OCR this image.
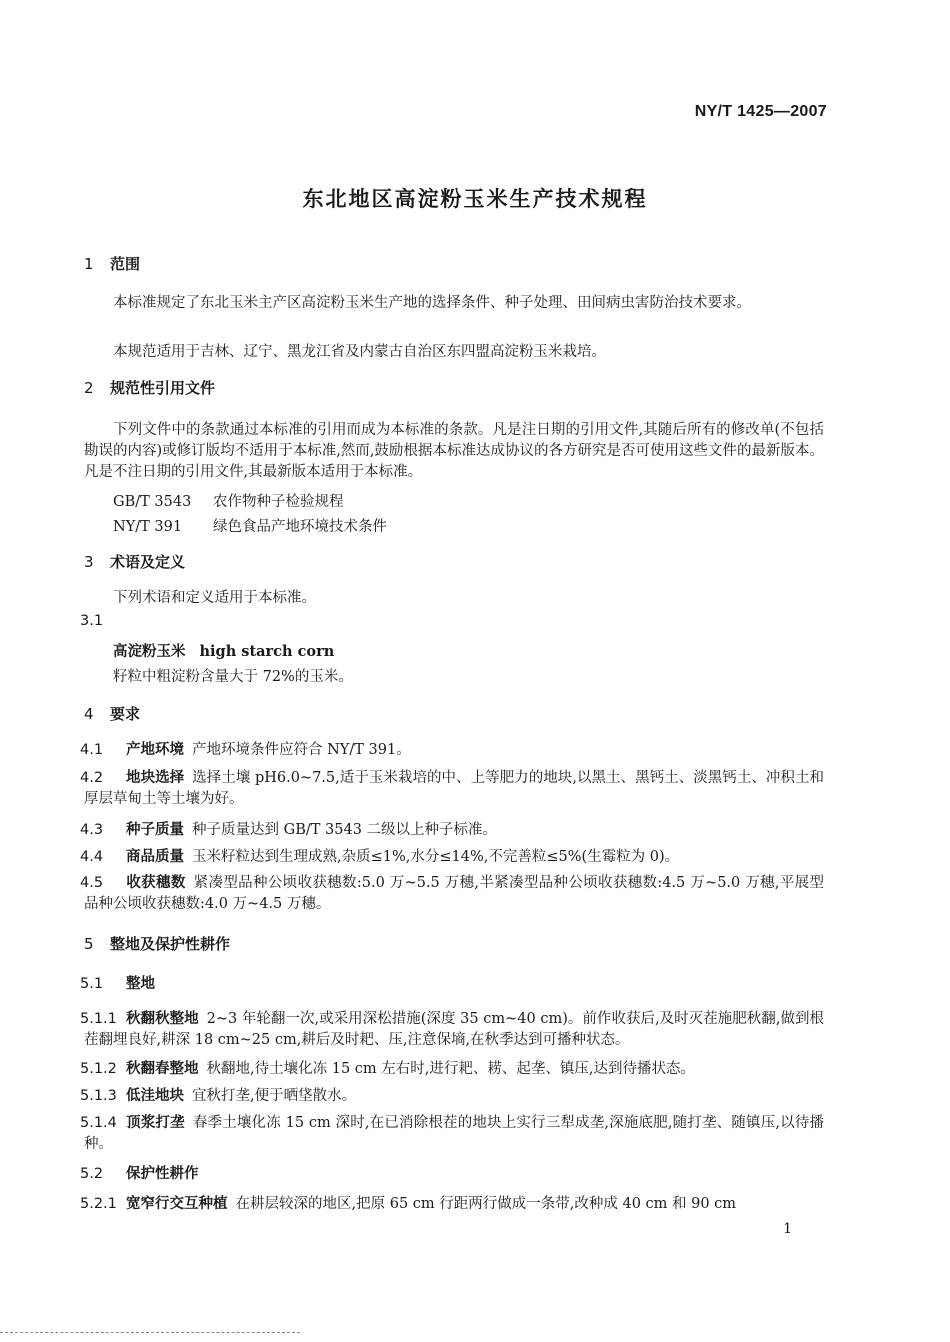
NY/T 1425—2007
东北地区高淀粉玉米生产技术规程
1 范围
本标准规定了东北玉米主产区高淀粉玉米生产地的选择条件、种子处理、田间病虫害防治技术要求。
本规范适用于吉林、辽宁、黑龙江省及内蒙古自治区东四盟高淀粉玉米栽培。
2 规范性引用文件
下列文件中的条款通过本标准的引用而成为本标准的条款。凡是注日期的引用文件,其随后所有的修改单(不包括勘误的内容)或修订版均不适用于本标准,然而,鼓励根据本标准达成协议的各方研究是否可使用这些文件的最新版本。凡是不注日期的引用文件,其最新版本适用于本标准。
GB/T 3543 农作物种子检验规程
NY/T 391 绿色食品产地环境技术条件
3 术语及定义
下列术语和定义适用于本标准。
3.1
高淀粉玉米 high starch corn
籽粒中粗淀粉含量大于 72%的玉米。
4 要求
4.1 产地环境 产地环境条件应符合 NY/T 391。
4.2 地块选择 选择土壤 pH6.0~7.5,适于玉米栽培的中、上等肥力的地块,以黑土、黑钙土、淡黑钙土、冲积土和厚层草甸土等土壤为好。
4.3 种子质量 种子质量达到 GB/T 3543 二级以上种子标准。
4.4 商品质量 玉米籽粒达到生理成熟,杂质≤1%,水分≤14%,不完善粒≤5%(生霉粒为 0)。
4.5 收获穗数 紧凑型品种公顷收获穗数:5.0 万~5.5 万穗,半紧凑型品种公顷收获穗数:4.5 万~5.0 万穗,平展型品种公顷收获穗数:4.0 万~4.5 万穗。
5 整地及保护性耕作
5.1 整地
5.1.1 秋翻秋整地 2~3 年轮翻一次,或采用深松措施(深度 35 cm~40 cm)。前作收获后,及时灭茬施肥秋翻,做到根茬翻埋良好,耕深 18 cm~25 cm,耕后及时耙、压,注意保墒,在秋季达到可播种状态。
5.1.2 秋翻春整地 秋翻地,待土壤化冻 15 cm 左右时,进行耙、耢、起垄、镇压,达到待播状态。
5.1.3 低洼地块 宜秋打垄,便于晒垡散水。
5.1.4 顶浆打垄 春季土壤化冻 15 cm 深时,在已消除根茬的地块上实行三犁成垄,深施底肥,随打垄、随镇压,以待播种。
5.2 保护性耕作
5.2.1 宽窄行交互种植 在耕层较深的地区,把原 65 cm 行距两行做成一条带,改种成 40 cm 和 90 cm
1
